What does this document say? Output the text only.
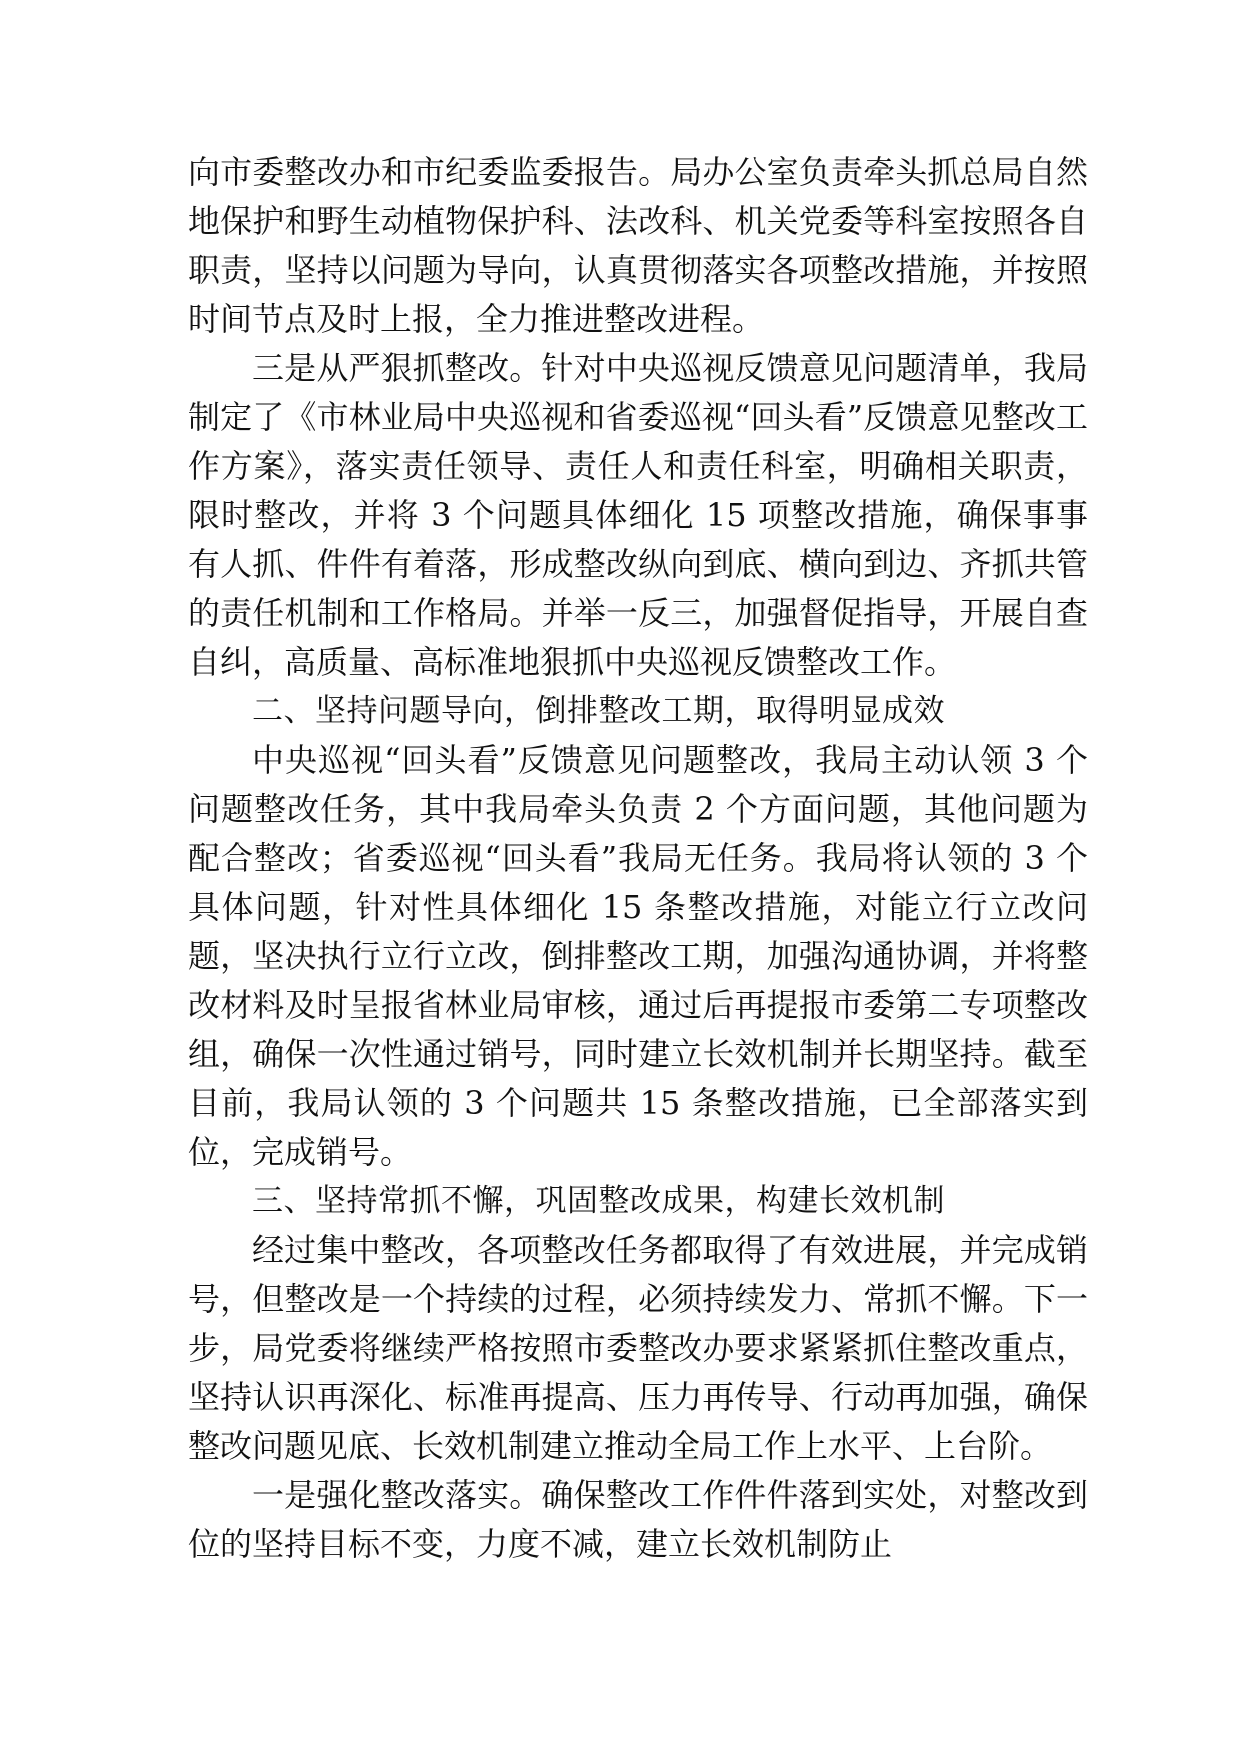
向市委整改办和市纪委监委报告。局办公室负责牵头抓总局自然地保护和野生动植物保护科、法改科、机关党委等科室按照各自职责，坚持以问题为导向，认真贯彻落实各项整改措施，并按照时间节点及时上报，全力推进整改进程。

三是从严狠抓整改。针对中央巡视反馈意见问题清单，我局制定了《市林业局中央巡视和省委巡视“回头看”反馈意见整改工作方案》，落实责任领导、责任人和责任科室，明确相关职责，限时整改，并将 3 个问题具体细化 15 项整改措施，确保事事有人抓、件件有着落，形成整改纵向到底、横向到边、齐抓共管的责任机制和工作格局。并举一反三，加强督促指导，开展自查自纠，高质量、高标准地狠抓中央巡视反馈整改工作。

二、坚持问题导向，倒排整改工期，取得明显成效

中央巡视“回头看”反馈意见问题整改，我局主动认领 3 个问题整改任务，其中我局牵头负责 2 个方面问题，其他问题为配合整改；省委巡视“回头看”我局无任务。我局将认领的 3 个具体问题，针对性具体细化 15 条整改措施，对能立行立改问题，坚决执行立行立改，倒排整改工期，加强沟通协调，并将整改材料及时呈报省林业局审核，通过后再提报市委第二专项整改组，确保一次性通过销号，同时建立长效机制并长期坚持。截至目前，我局认领的 3 个问题共 15 条整改措施，已全部落实到位，完成销号。

三、坚持常抓不懈，巩固整改成果，构建长效机制

经过集中整改，各项整改任务都取得了有效进展，并完成销号，但整改是一个持续的过程，必须持续发力、常抓不懈。下一步，局党委将继续严格按照市委整改办要求紧紧抓住整改重点，坚持认识再深化、标准再提高、压力再传导、行动再加强，确保整改问题见底、长效机制建立推动全局工作上水平、上台阶。

一是强化整改落实。确保整改工作件件落到实处，对整改到位的坚持目标不变，力度不减，建立长效机制防止
